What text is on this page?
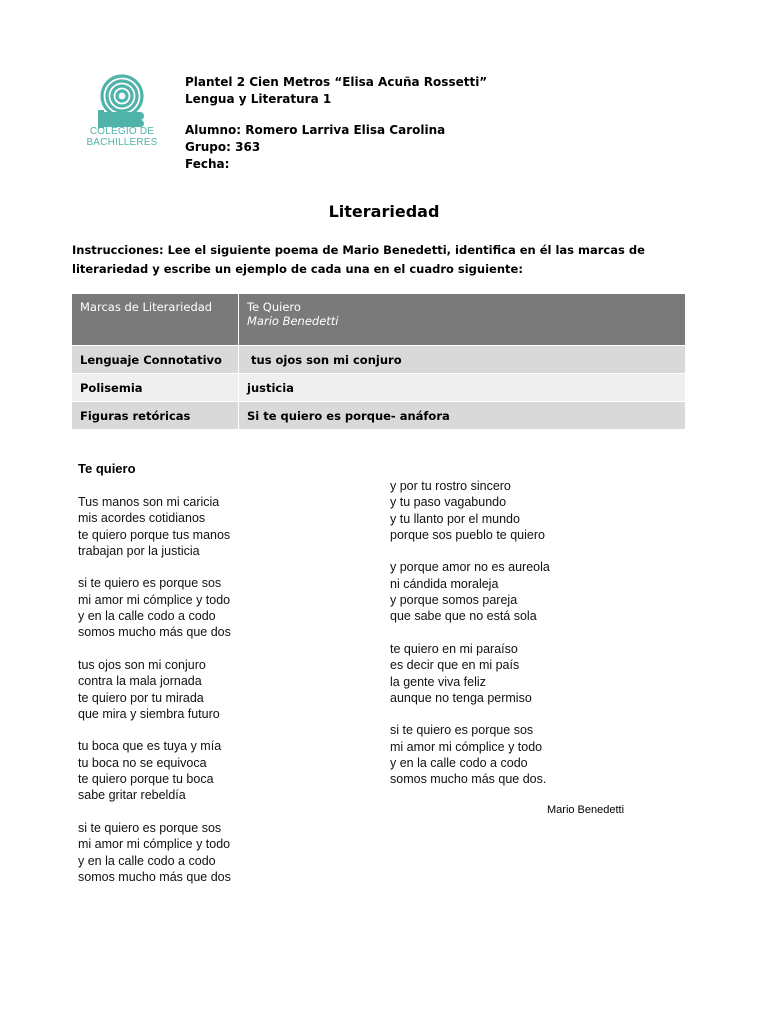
COLEGIO DE
BACHILLERES
Plantel 2 Cien Metros “Elisa Acuña Rossetti”
Lengua y Literatura 1
Alumno: Romero Larriva Elisa Carolina
Grupo: 363
Fecha:
Literariedad
Instrucciones: Lee el siguiente poema de Mario Benedetti, identifica en él las marcas de literariedad y escribe un ejemplo de cada una en el cuadro siguiente:
Marcas de Literariedad	Te Quiero
Mario Benedetti

Lenguaje Connotativo	tus ojos son mi conjuro
Polisemia	justicia
Figuras retóricas	Si te quiero es porque- anáfora
Te quiero
Tus manos son mi caricia
mis acordes cotidianos
te quiero porque tus manos
trabajan por la justicia
si te quiero es porque sos
mi amor mi cómplice y todo
y en la calle codo a codo
somos mucho más que dos
tus ojos son mi conjuro
contra la mala jornada
te quiero por tu mirada
que mira y siembra futuro
tu boca que es tuya y mía
tu boca no se equivoca
te quiero porque tu boca
sabe gritar rebeldía
si te quiero es porque sos
mi amor mi cómplice y todo
y en la calle codo a codo
somos mucho más que dos
y por tu rostro sincero
y tu paso vagabundo
y tu llanto por el mundo
porque sos pueblo te quiero
y porque amor no es aureola
ni cándida moraleja
y porque somos pareja
que sabe que no está sola
te quiero en mi paraíso
es decir que en mi país
la gente viva feliz
aunque no tenga permiso
si te quiero es porque sos
mi amor mi cómplice y todo
y en la calle codo a codo
somos mucho más que dos.
Mario Benedetti
